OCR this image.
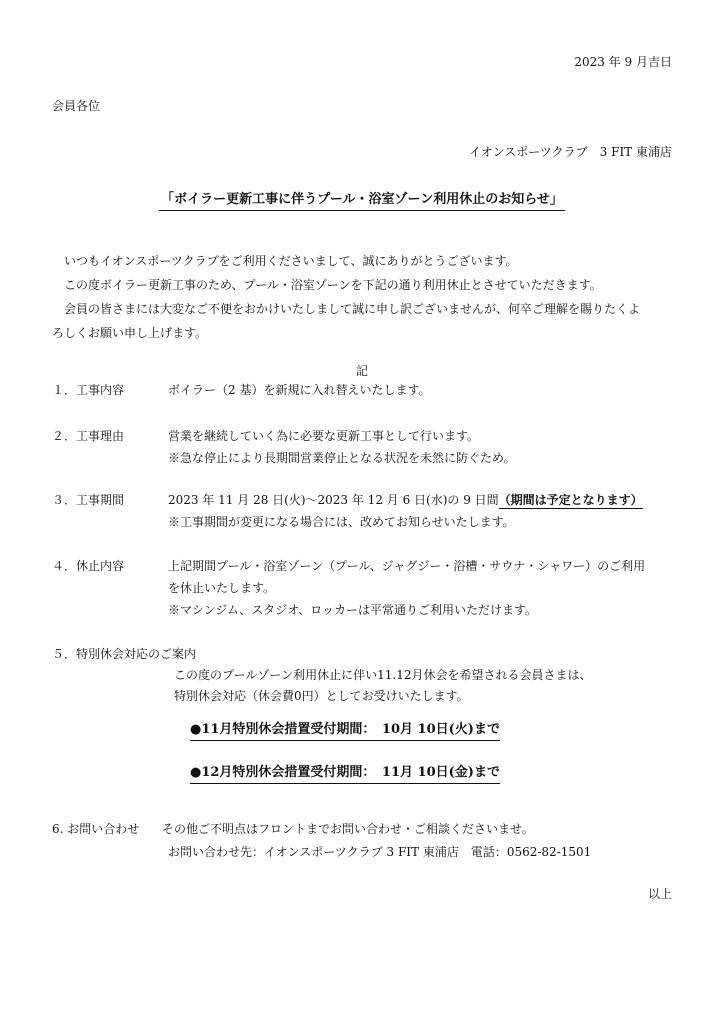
2023 年 9 月吉日
会員各位
イオンスポーツクラブ　3 FIT 東浦店
「ボイラー更新工事に伴うプール・浴室ゾーン利用休止のお知らせ」

いつもイオンスポーツクラブをご利用くださいまして、誠にありがとうございます。

この度ボイラー更新工事のため、プール・浴室ゾーンを下記の通り利用休止とさせていただきます。

会員の皆さまには大変なご不便をおかけいたしまして誠に申し訳ございませんが、何卒ご理解を賜りたくよ

ろしくお願い申し上げます。

記
１．工事内容	ボイラー（2 基）を新規に入れ替えいたします。
２．工事理由	営業を継続していく為に必要な更新工事として行います。
※急な停止により長期間営業停止となる状況を未然に防ぐため。
３．工事期間	2023 年 11 月 28 日(火)～2023 年 12 月 6 日(水)の 9 日間（期間は予定となります）
※工事期間が変更になる場合には、改めてお知らせいたします。
４．休止内容	上記期間プール・浴室ゾーン（プール、ジャグジー・浴槽・サウナ・シャワー）のご利用
を休止いたします。
※マシンジム、スタジオ、ロッカーは平常通りご利用いただけます。
５．特別休会対応のご案内
この度のプールゾーン利用休止に伴い11.12月休会を希望される会員さまは、
特別休会対応（休会費0円）としてお受けいたします。
●11月特別休会措置受付期間：　10月 10日(火)まで
●12月特別休会措置受付期間：　11月 10日(金)まで
6. お問い合わせ その他ご不明点はフロントまでお問い合わせ・ご相談くださいませ。
お問い合わせ先：イオンスポーツクラブ 3 FIT 東浦店　電話：0562-82-1501
以上
